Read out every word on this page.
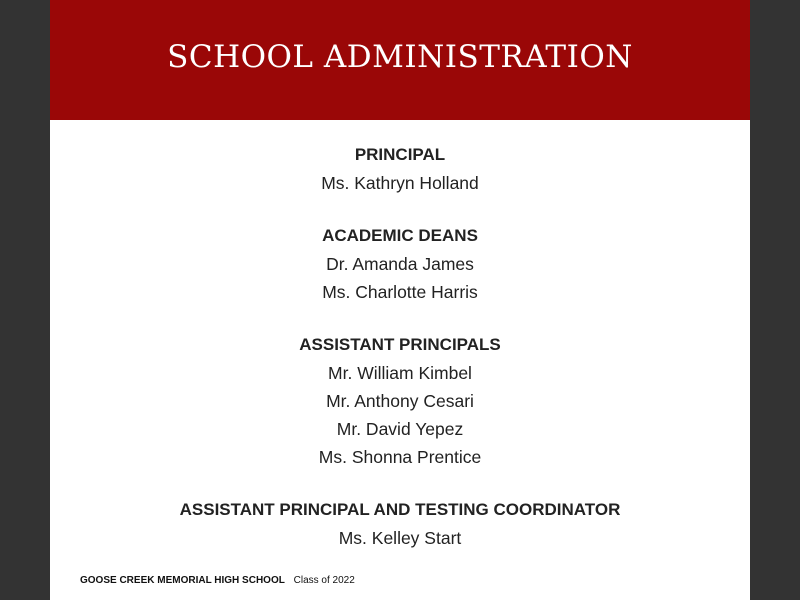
SCHOOL ADMINISTRATION
PRINCIPAL
Ms. Kathryn Holland
ACADEMIC DEANS
Dr. Amanda James
Ms. Charlotte Harris
ASSISTANT PRINCIPALS
Mr. William Kimbel
Mr. Anthony Cesari
Mr. David Yepez
Ms. Shonna Prentice
ASSISTANT PRINCIPAL AND TESTING COORDINATOR
Ms. Kelley Start
GOOSE CREEK MEMORIAL HIGH SCHOOL Class of 2022
